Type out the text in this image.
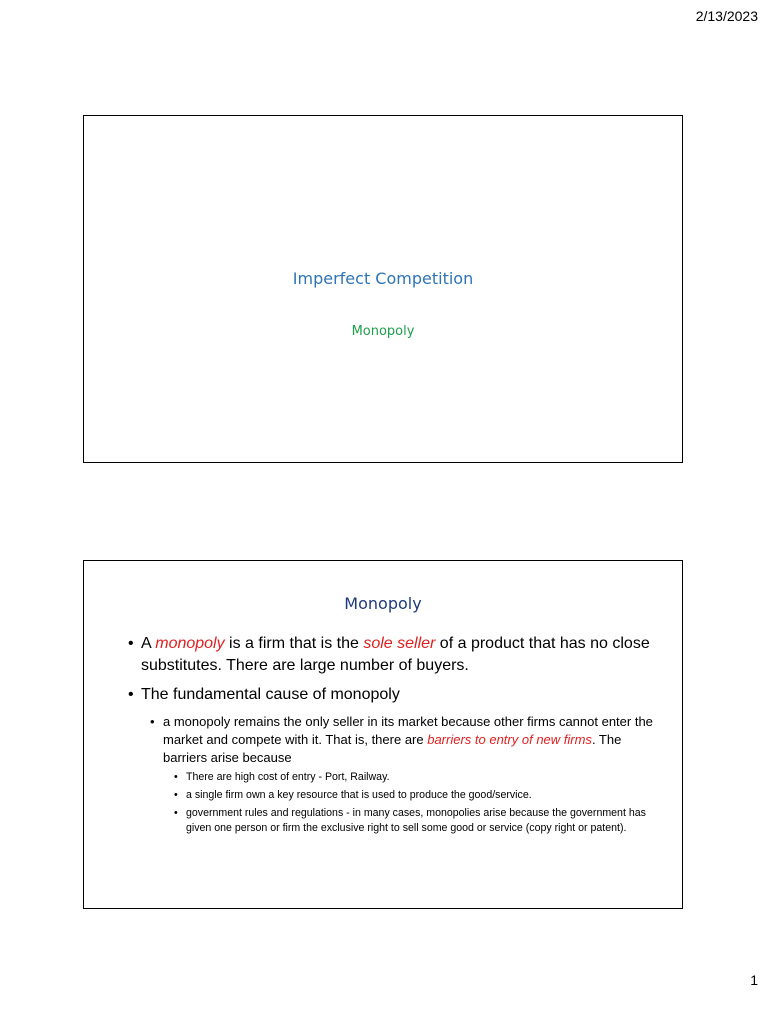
2/13/2023
Imperfect Competition
Monopoly
Monopoly
• A monopoly is a firm that is the sole seller of a product that has no close substitutes. There are large number of buyers.
• The fundamental cause of monopoly
• a monopoly remains the only seller in its market because other firms cannot enter the market and compete with it. That is, there are barriers to entry of new firms. The barriers arise because
• There are high cost of entry - Port, Railway.
• a single firm own a key resource that is used to produce the good/service.
• government rules and regulations - in many cases, monopolies arise because the government has given one person or firm the exclusive right to sell some good or service (copy right or patent).
1
